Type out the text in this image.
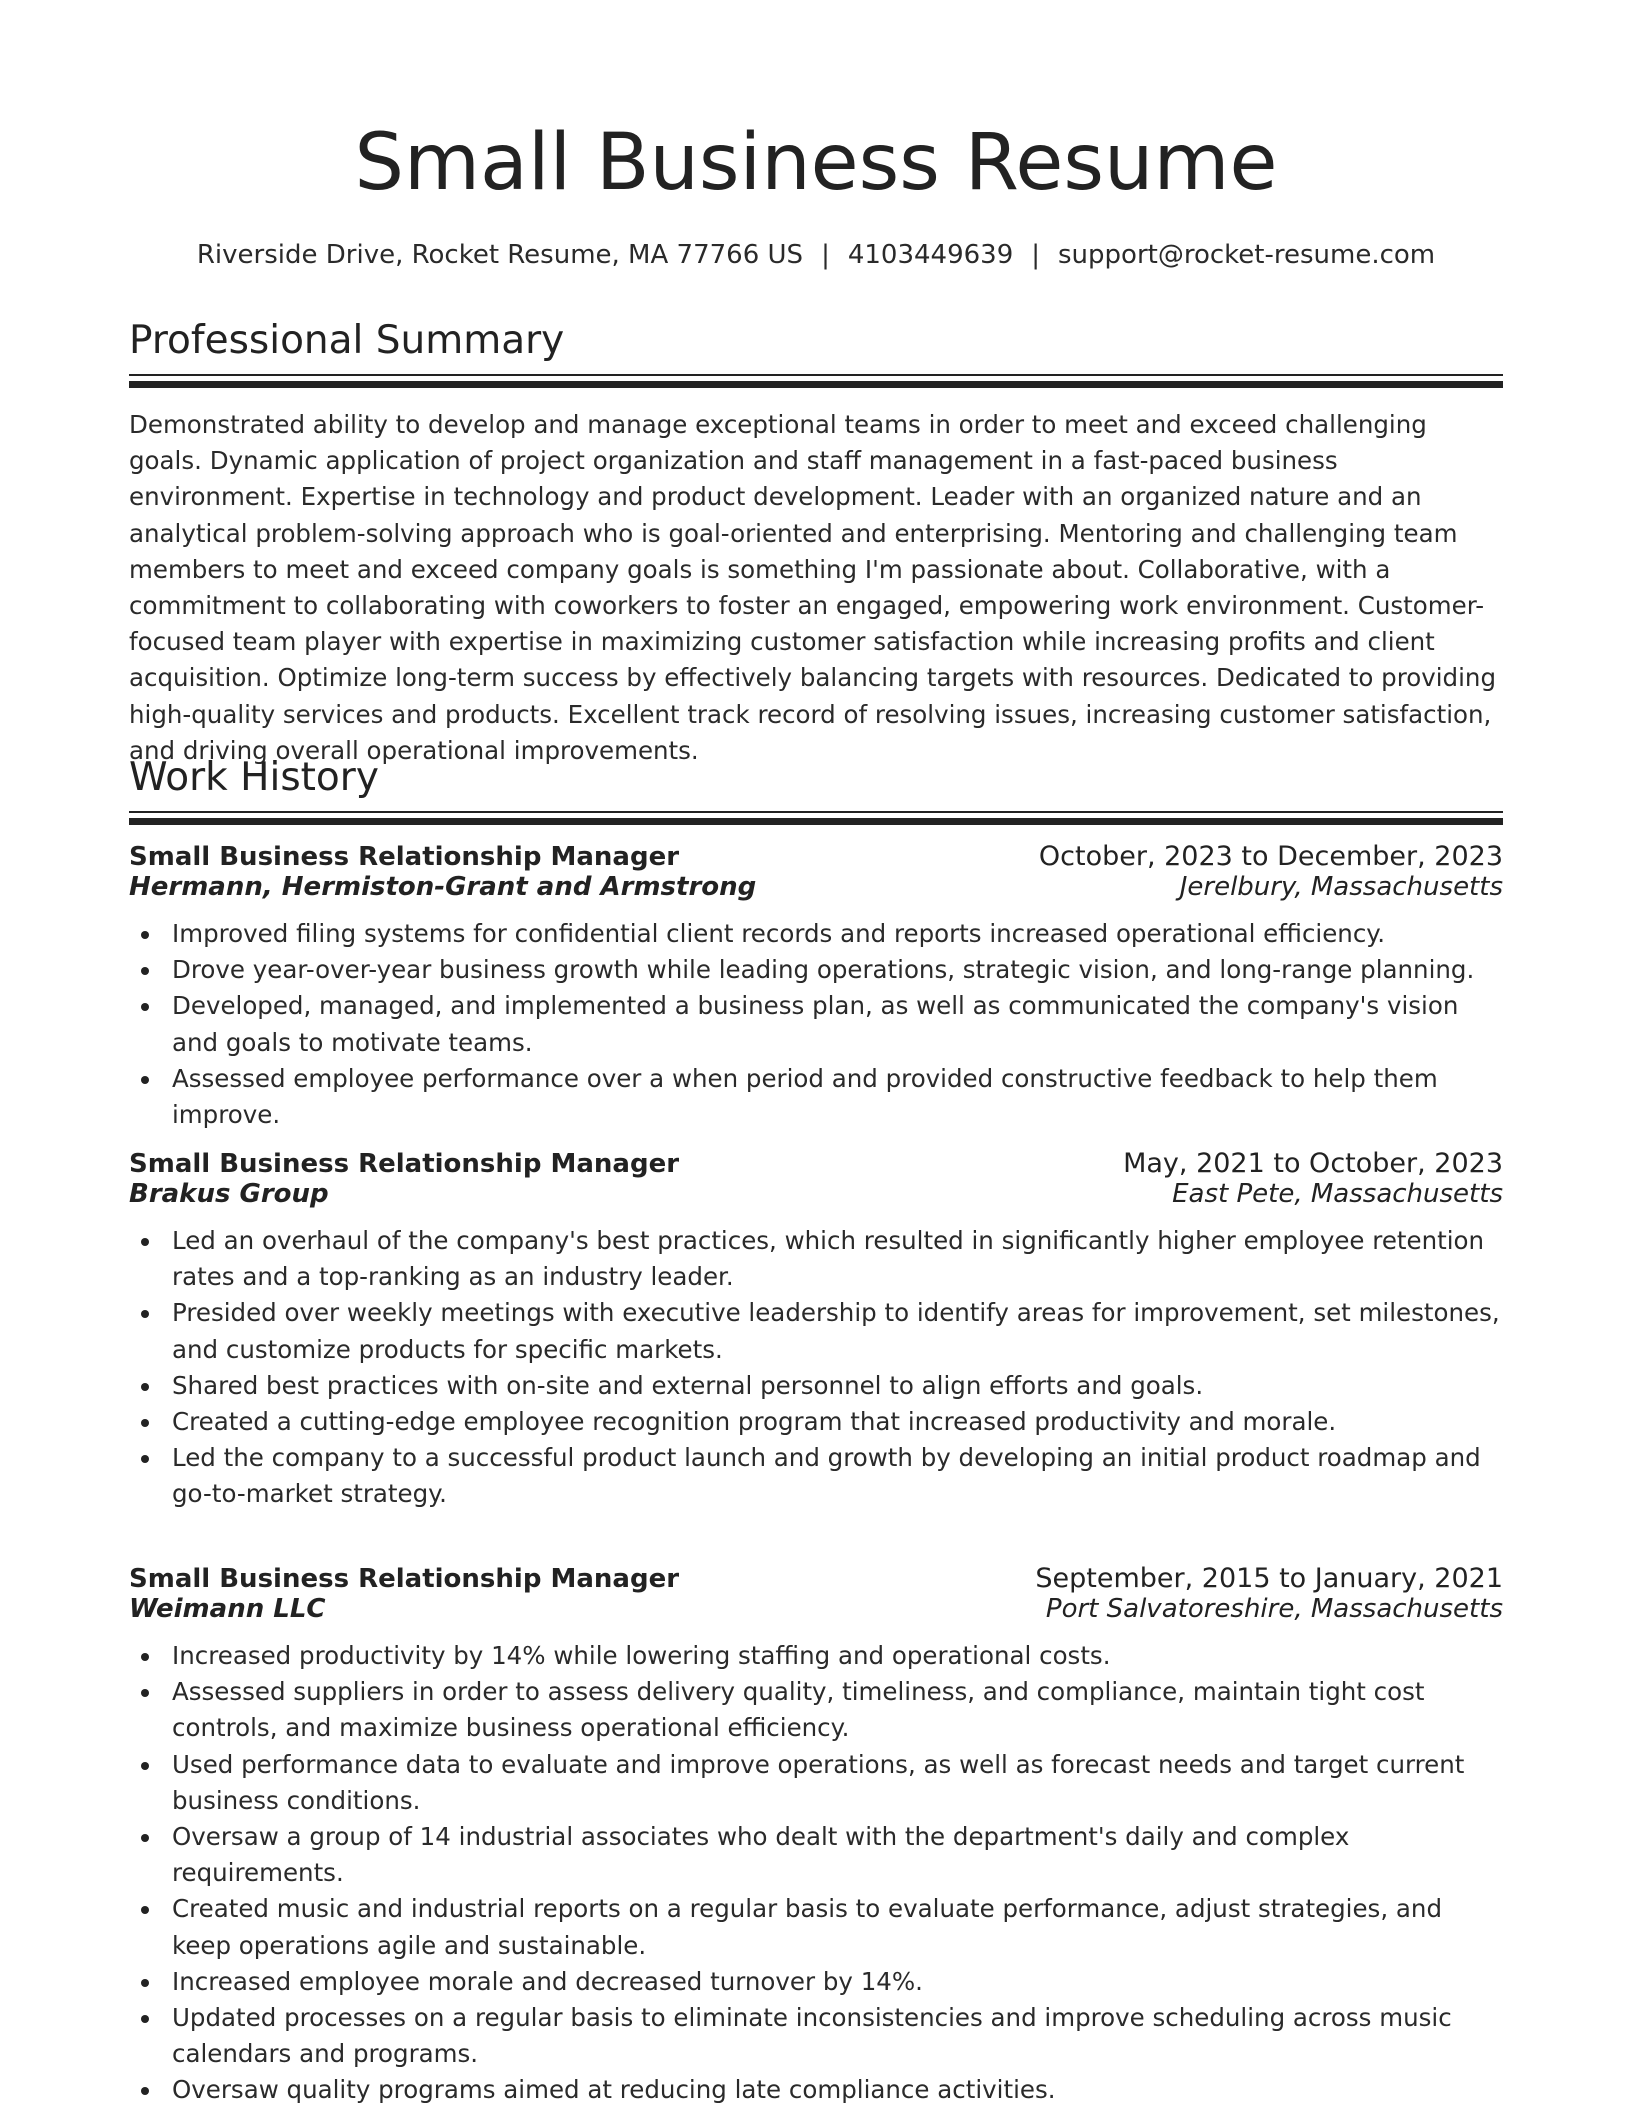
Small Business Resume
Riverside Drive, Rocket Resume, MA 77766 US | 4103449639 | support@rocket-resume.com
Professional Summary

Demonstrated ability to develop and manage exceptional teams in order to meet and exceed challenging goals. Dynamic application of project organization and staff management in a fast-paced business environment. Expertise in technology and product development. Leader with an organized nature and an analytical problem-solving approach who is goal-oriented and enterprising. Mentoring and challenging team members to meet and exceed company goals is something I'm passionate about. Collaborative, with a commitment to collaborating with coworkers to foster an engaged, empowering work environment. Customer-focused team player with expertise in maximizing customer satisfaction while increasing profits and client acquisition. Optimize long-term success by effectively balancing targets with resources. Dedicated to providing high-quality services and products. Excellent track record of resolving issues, increasing customer satisfaction, and driving overall operational improvements.

Work History
Small Business Relationship Manager	October, 2023 to December, 2023
Hermann, Hermiston-Grant and Armstrong	Jerelbury, Massachusetts
Improved filing systems for confidential client records and reports increased operational efficiency.
Drove year-over-year business growth while leading operations, strategic vision, and long-range planning.
Developed, managed, and implemented a business plan, as well as communicated the company's vision and goals to motivate teams.
Assessed employee performance over a when period and provided constructive feedback to help them improve.
Small Business Relationship Manager	May, 2021 to October, 2023
Brakus Group	East Pete, Massachusetts
Led an overhaul of the company's best practices, which resulted in significantly higher employee retention rates and a top-ranking as an industry leader.
Presided over weekly meetings with executive leadership to identify areas for improvement, set milestones, and customize products for specific markets.
Shared best practices with on-site and external personnel to align efforts and goals.
Created a cutting-edge employee recognition program that increased productivity and morale.
Led the company to a successful product launch and growth by developing an initial product roadmap and go-to-market strategy.
Small Business Relationship Manager	September, 2015 to January, 2021
Weimann LLC	Port Salvatoreshire, Massachusetts
Increased productivity by 14% while lowering staffing and operational costs.
Assessed suppliers in order to assess delivery quality, timeliness, and compliance, maintain tight cost controls, and maximize business operational efficiency.
Used performance data to evaluate and improve operations, as well as forecast needs and target current business conditions.
Oversaw a group of 14 industrial associates who dealt with the department's daily and complex requirements.
Created music and industrial reports on a regular basis to evaluate performance, adjust strategies, and keep operations agile and sustainable.
Increased employee morale and decreased turnover by 14%.
Updated processes on a regular basis to eliminate inconsistencies and improve scheduling across music calendars and programs.
Oversaw quality programs aimed at reducing late compliance activities.
